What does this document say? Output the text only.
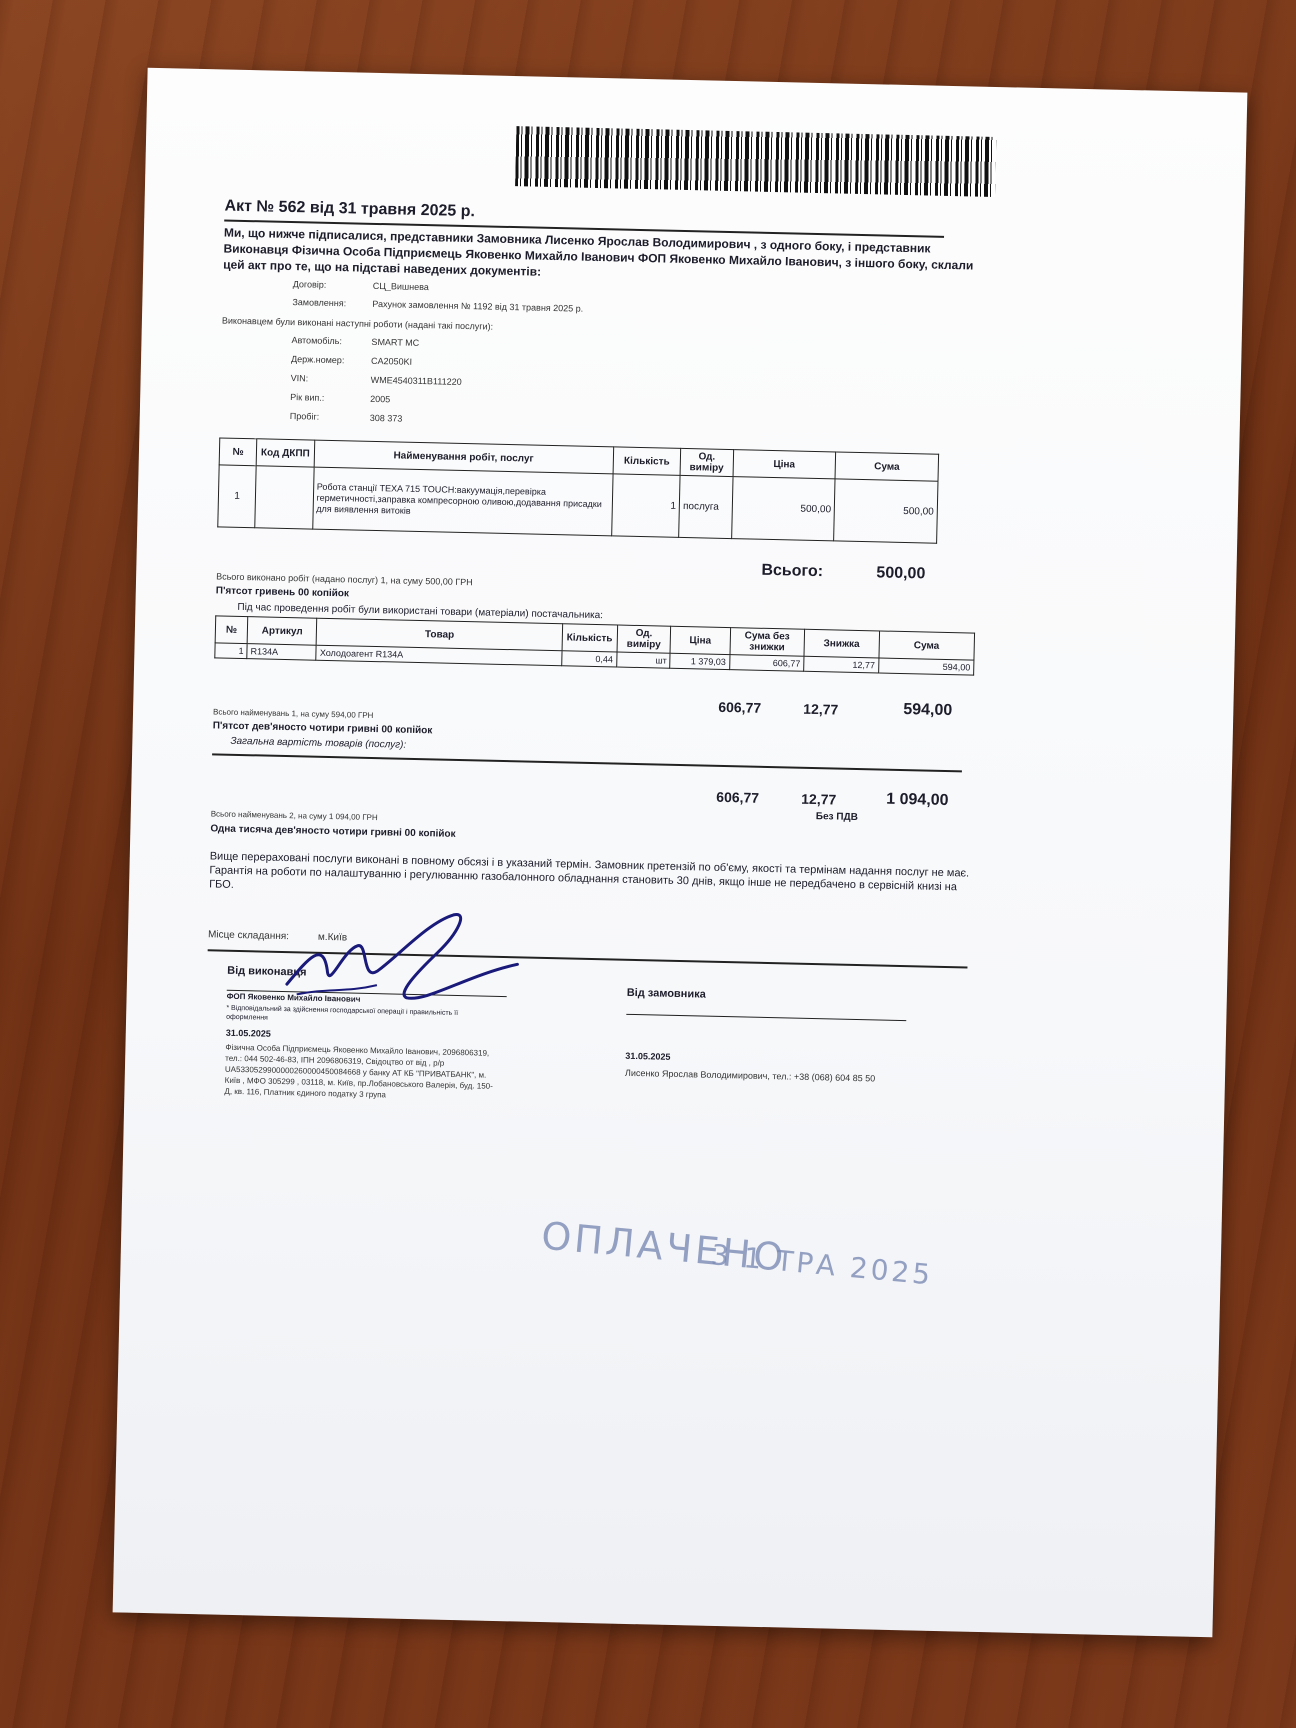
Акт № 562 від 31 травня 2025 р.
Ми, що нижче підписалися, представники Замовника Лисенко Ярослав Володимирович , з одного боку, і представник Виконавця Фізична Особа Підприємець Яковенко Михайло Іванович ФОП Яковенко Михайло Іванович, з іншого боку, склали цей акт про те, що на підставі наведених документів:
Договір:	СЦ_Вишнева
Замовлення:	Рахунок замовлення № 1192 від 31 травня 2025 р.
Виконавцем були виконані наступні роботи (надані такі послуги):
Автомобіль:	SMART MC
Держ.номер:	CA2050KI
VIN:	WME4540311B111220
Рік вип.:	2005
Пробіг:	308 373
№	Код ДКПП	Найменування робіт, послуг	Кількість	Од. виміру	Ціна	Сума
1		Робота станції TEXA 715 TOUCH:вакуумація,перевірка герметичності,заправка компресорною оливою,додавання присадки для виявлення витоків	1	послуга	500,00	500,00
Всього:	500,00
Всього виконано робіт (надано послуг) 1, на суму 500,00 ГРН
П'ятсот гривень 00 копійок
Під час проведення робіт були використані товари (матеріали) постачальника:
№	Артикул	Товар	Кількість	Од. виміру	Ціна	Сума без знижки	Знижка	Сума
1	R134A	Холодоагент R134A	0,44	шт	1 379,03	606,77	12,77	594,00
606,77	12,77	594,00
Всього найменувань 1, на суму 594,00 ГРН
П'ятсот дев'яносто чотири гривні 00 копійок
Загальна вартість товарів (послуг):
606,77	12,77	1 094,00
Без ПДВ
Всього найменувань 2, на суму 1 094,00 ГРН
Одна тисяча дев'яносто чотири гривні 00 копійок
Вище перераховані послуги виконані в повному обсязі і в указаний термін. Замовник претензій по об'єму, якості та термінам надання послуг не має. Гарантія на роботи по налаштуванню і регулюванню газобалонного обладнання становить 30 днів, якщо інше не передбачено в сервісній книзі на ГБО.
Місце складання:	м.Київ
Від виконавця
ФОП Яковенко Михайло Іванович
* Відповідальний за здійснення господарської операції і правильність її оформлення
31.05.2025
Фізична Особа Підприємець Яковенко Михайло Іванович, 2096806319, тел.: 044 502-46-83, ІПН 2096806319, Свідоцтво от від , р/р UA5330529900000260000450084668 у банку АТ КБ "ПРИВАТБАНК", м. Київ , МФО 305299 , 03118, м. Київ, пр.Лобановського Валерія, буд. 150-Д, кв. 116, Платник єдиного податку 3 група
Від замовника
31.05.2025
Лисенко Ярослав Володимирович, тел.: +38 (068) 604 85 50
ОПЛАЧЕНО
3 1 ТРА 2025
